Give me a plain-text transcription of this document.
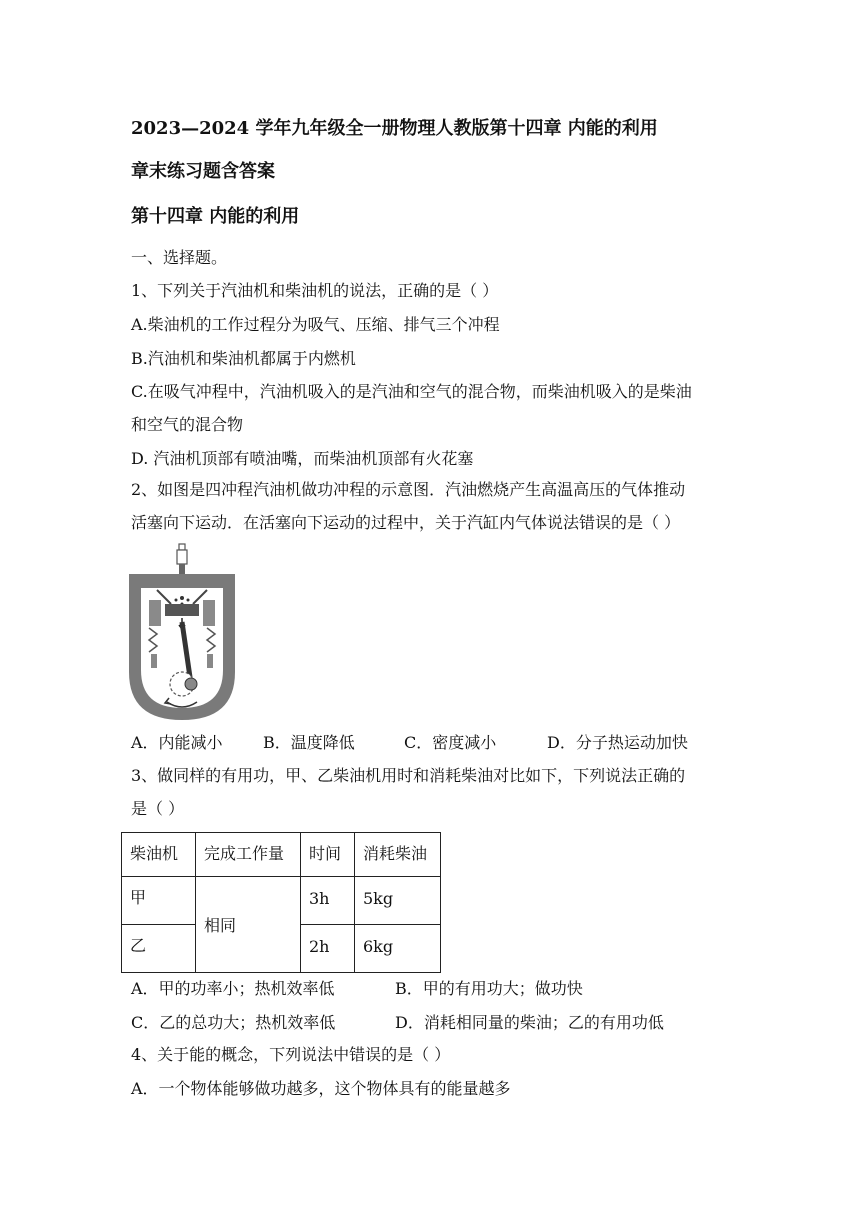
2023—2024 学年九年级全一册物理人教版第十四章 内能的利用
章末练习题含答案
第十四章 内能的利用
一、选择题。
1、下列关于汽油机和柴油机的说法，正确的是（ ）
A.柴油机的工作过程分为吸气、压缩、排气三个冲程
B.汽油机和柴油机都属于内燃机
C.在吸气冲程中，汽油机吸入的是汽油和空气的混合物，而柴油机吸入的是柴油
和空气的混合物
D. 汽油机顶部有喷油嘴，而柴油机顶部有火花塞
2、如图是四冲程汽油机做功冲程的示意图．汽油燃烧产生高温高压的气体推动
活塞向下运动．在活塞向下运动的过程中，关于汽缸内气体说法错误的是（ ）
A．内能减小	B．温度降低	C．密度减小	D．分子热运动加快
3、做同样的有用功，甲、乙柴油机用时和消耗柴油对比如下，下列说法正确的
是（ ）
柴油机	完成工作量	时间	消耗柴油
甲	相同	3h	5kg
乙		2h	6kg
A．甲的功率小；热机效率低	B．甲的有用功大；做功快
C．乙的总功大；热机效率低	D．消耗相同量的柴油；乙的有用功低
4、关于能的概念，下列说法中错误的是（ ）
A．一个物体能够做功越多，这个物体具有的能量越多
